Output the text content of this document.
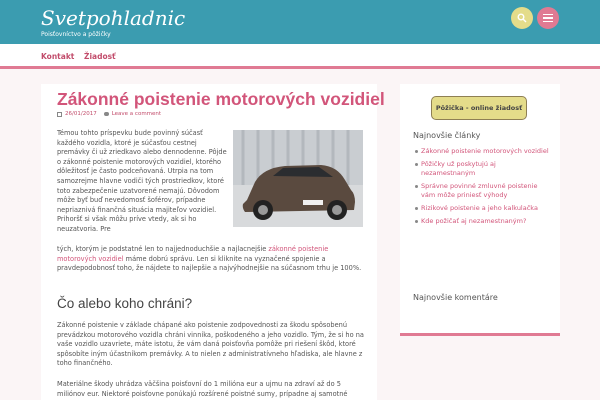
Svetpohladnic
Poisťovníctvo a pôžičky
Kontakt Žiadosť
Zákonné poistenie motorových vozidiel
26/01/2017	Leave a comment

Témou tohto príspevku bude povinný súčasť každého vozidla, ktoré je súčasťou cestnej premávky či už zriedkavo alebo dennodenne. Pôjde o zákonné poistenie motorových vozidiel, ktorého dôležitosť je často podceňovaná. Utrpia na tom samozrejme hlavne vodiči tých prostriedkov, ktoré toto zabezpečenie uzatvorené nemajú. Dôvodom môže byť buď nevedomosť šoférov, prípadne nepriaznivá finančná situácia majiteľov vozidiel. Prihoršť si však môžu príve vtedy, ak si ho neuzatvoria. Pre

tých, ktorým je podstatné len to najjednoduchšie a najlacnejšie zákonné poistenie motorových vozidiel máme dobrú správu. Len si kliknite na vyznačené spojenie a pravdepodobnosť toho, že nájdete to najlepšie a najvýhodnejšie na súčasnom trhu je 100%.

Čo alebo koho chráni?

Zákonné poistenie v základe chápané ako poistenie zodpovednosti za škodu spôsobenú prevádzkou motorového vozidla chráni vinníka, poškodeného a jeho vozidlo. Tým, že si ho na vaše vozidlo uzavriete, máte istotu, že vám daná poisťovňa pomôže pri riešení škôd, ktoré spôsobíte iným účastníkom premávky. A to nielen z administratívneho hľadiska, ale hlavne z toho finančného.

Materiálne škody uhrádza väčšina poisťovní do 1 milióna eur a ujmu na zdraví až do 5 miliónov eur. Niektoré poisťovne ponúkajú rozšírené poistné sumy, prípadne aj samotné

Pôžička - online žiadosť
Najnovšie články
Zákonné poistenie motorových vozidiel
Pôžičky už poskytujú aj nezamestnaným
Správne povinné zmluvné poistenie vám môže priniesť výhody
Rizikové poistenie a jeho kalkulačka
Kde požičať aj nezamestnaným?
Najnovšie komentáre
